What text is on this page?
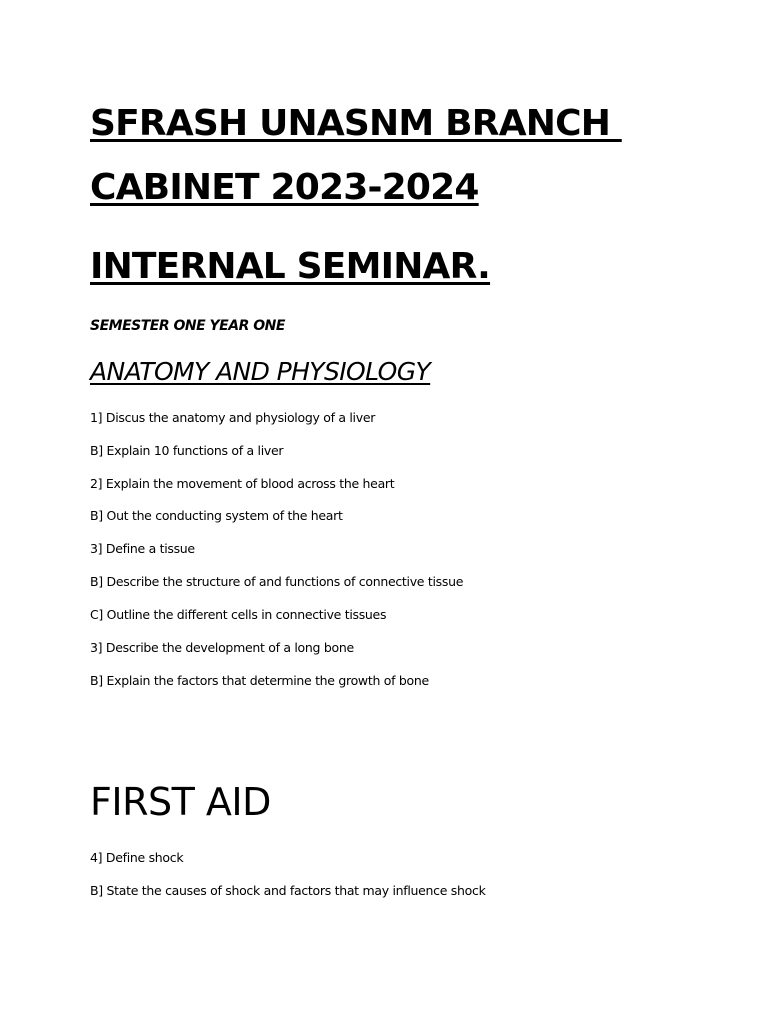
SFRASH UNASNM BRANCH
CABINET 2023-2024
INTERNAL SEMINAR.
SEMESTER ONE YEAR ONE
ANATOMY AND PHYSIOLOGY
1] Discus the anatomy and physiology of a liver
B] Explain 10 functions of a liver
2] Explain the movement of blood across the heart
B] Out the conducting system of the heart
3] Define a tissue
B] Describe the structure of and functions of connective tissue
C] Outline the different cells in connective tissues
3] Describe the development of a long bone
B] Explain the factors that determine the growth of bone
FIRST AID
4] Define shock
B] State the causes of shock and factors that may influence shock
